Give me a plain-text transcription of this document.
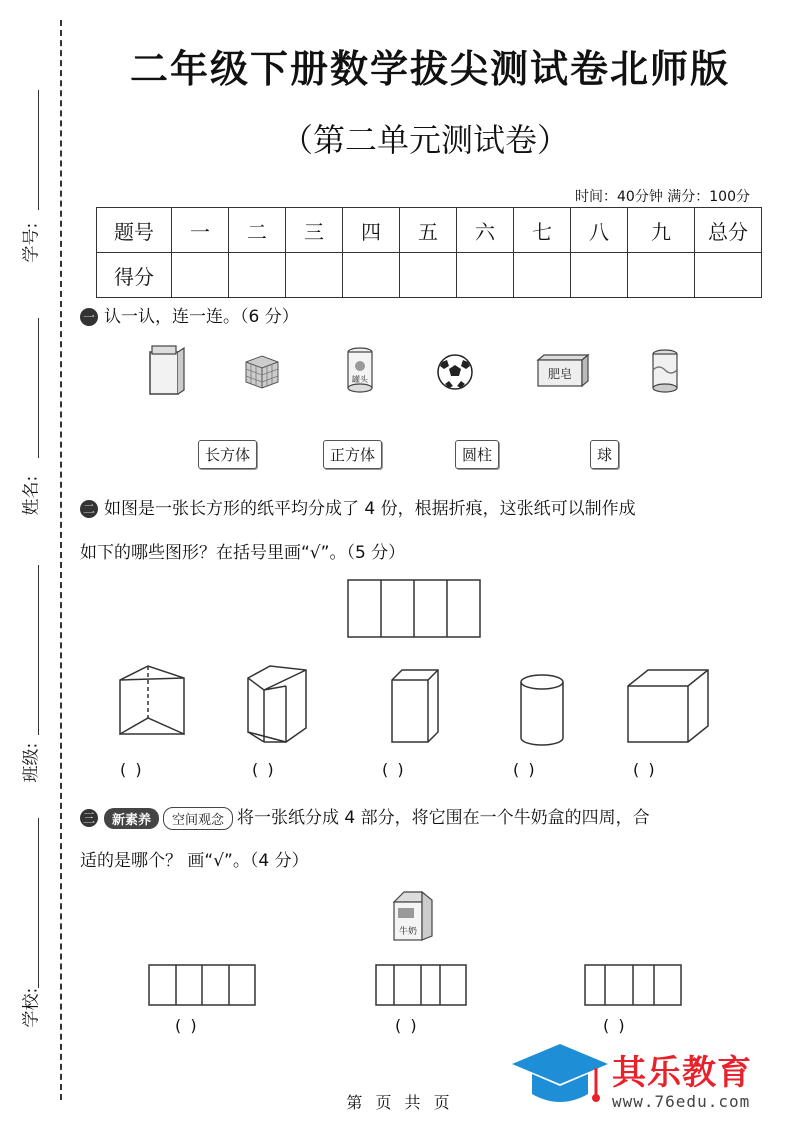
学号:
姓名:
班级:
学校:
二年级下册数学拔尖测试卷北师版
（第二单元测试卷）
时间：40分钟 满分：100分
题号	一	二	三	四	五	六	七	八	九	总分
得分										
一 认一认，连一连。（6 分）
罐头	肥皂
长方体	正方体	圆柱	球
二 如图是一张长方形的纸平均分成了 4 份，根据折痕，这张纸可以制作成
如下的哪些图形？在括号里画“√”。（5 分）
( )	( )	( )	( )	( )
三 新素养 空间观念 将一张纸分成 4 部分，将它围在一个牛奶盒的四周，合
适的是哪个？ 画“√”。（4 分）
牛奶
( )	( )	( )
第 页 共 页
其乐教育
www.76edu.com
